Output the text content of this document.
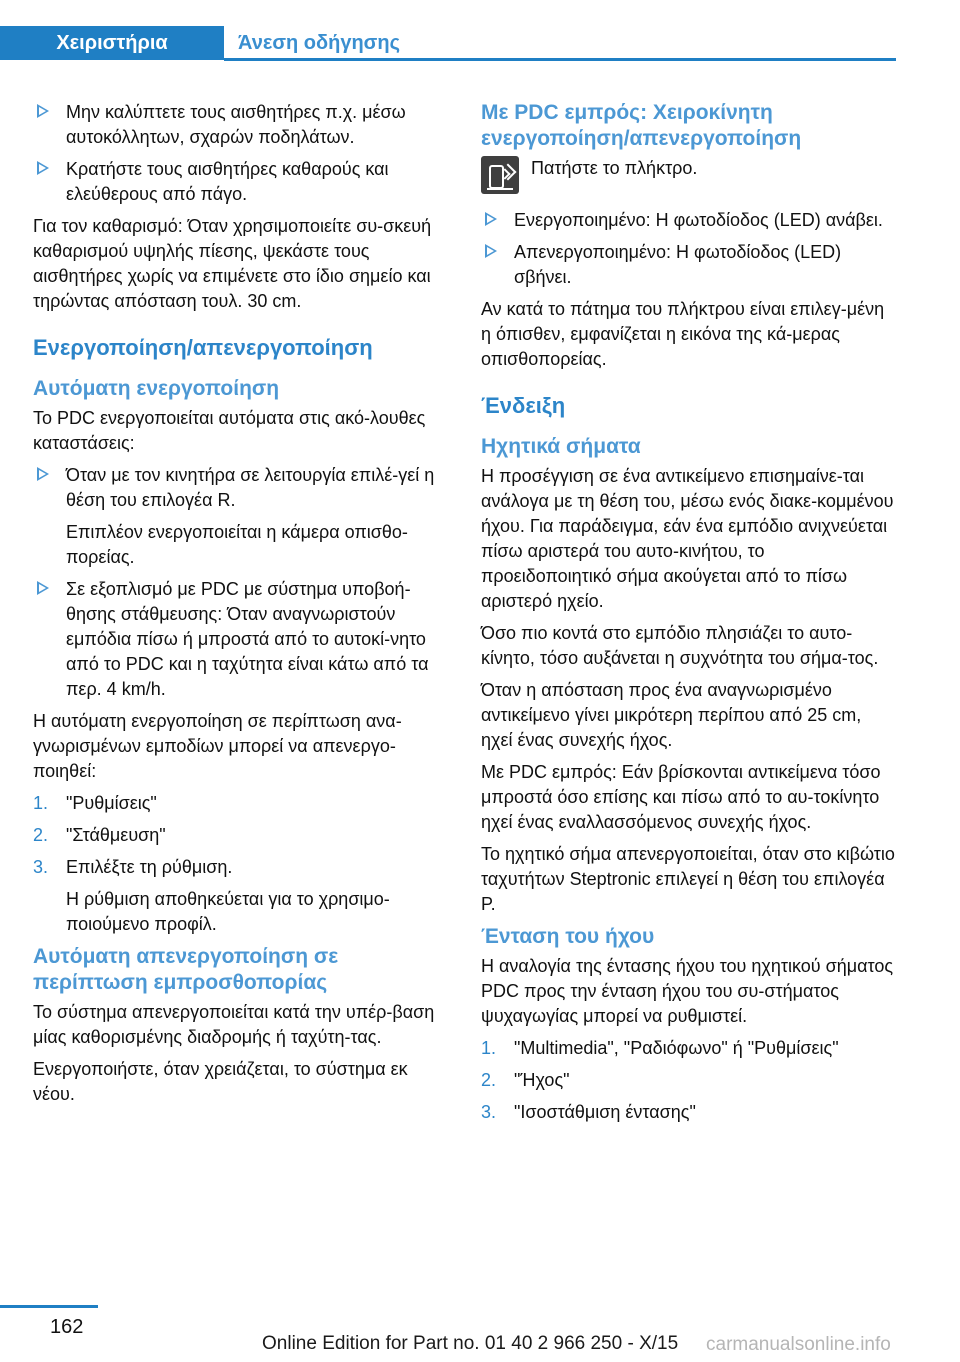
Χειριστήρια	Άνεση οδήγησης
Μην καλύπτετε τους αισθητήρες π.χ. μέσω αυτοκόλλητων, σχαρών ποδηλάτων.
Κρατήστε τους αισθητήρες καθαρούς και ελεύθερους από πάγο.

Για τον καθαρισμό: Όταν χρησιμοποιείτε συ-σκευή καθαρισμού υψηλής πίεσης, ψεκάστε τους αισθητήρες χωρίς να επιμένετε στο ίδιο σημείο και τηρώντας απόσταση τουλ. 30 cm.

Ενεργοποίηση/απενεργοποίηση
Αυτόματη ενεργοποίηση

Το PDC ενεργοποιείται αυτόματα στις ακό-λουθες καταστάσεις:

Όταν με τον κινητήρα σε λειτουργία επιλέ-γεί η θέση του επιλογέα R.

Επιπλέον ενεργοποιείται η κάμερα οπισθο-πορείας.

Σε εξοπλισμό με PDC με σύστημα υποβοή-θησης στάθμευσης: Όταν αναγνωριστούν εμπόδια πίσω ή μπροστά από το αυτοκί-νητο από το PDC και η ταχύτητα είναι κάτω από τα περ. 4 km/h.

Η αυτόματη ενεργοποίηση σε περίπτωση ανα-γνωρισμένων εμποδίων μπορεί να απενεργο-ποιηθεί:

1. "Ρυθμίσεις"
2. "Στάθμευση"
3. Επιλέξτε τη ρύθμιση.

Η ρύθμιση αποθηκεύεται για το χρησιμο-ποιούμενο προφίλ.

Αυτόματη απενεργοποίηση σε περίπτωση εμπροσθοπορίας

Το σύστημα απενεργοποιείται κατά την υπέρ-βαση μίας καθορισμένης διαδρομής ή ταχύτη-τας.

Ενεργοποιήστε, όταν χρειάζεται, το σύστημα εκ νέου.

Με PDC εμπρός: Χειροκίνητη ενεργοποίηση/απενεργοποίηση
Πατήστε το πλήκτρο.
Ενεργοποιημένο: Η φωτοδίοδος (LED) ανάβει.
Απενεργοποιημένο: Η φωτοδίοδος (LED) σβήνει.

Αν κατά το πάτημα του πλήκτρου είναι επιλεγ-μένη η όπισθεν, εμφανίζεται η εικόνα της κά-μερας οπισθοπορείας.

Ένδειξη
Ηχητικά σήματα

Η προσέγγιση σε ένα αντικείμενο επισημαίνε-ται ανάλογα με τη θέση του, μέσω ενός διακε-κομμένου ήχου. Για παράδειγμα, εάν ένα εμπόδιο ανιχνεύεται πίσω αριστερά του αυτο-κινήτου, το προειδοποιητικό σήμα ακούγεται από το πίσω αριστερό ηχείο.

Όσο πιο κοντά στο εμπόδιο πλησιάζει το αυτο-κίνητο, τόσο αυξάνεται η συχνότητα του σήμα-τος.

Όταν η απόσταση προς ένα αναγνωρισμένο αντικείμενο γίνει μικρότερη περίπου από 25 cm, ηχεί ένας συνεχής ήχος.

Με PDC εμπρός: Εάν βρίσκονται αντικείμενα τόσο μπροστά όσο επίσης και πίσω από το αυ-τοκίνητο ηχεί ένας εναλλασσόμενος συνεχής ήχος.

Το ηχητικό σήμα απενεργοποιείται, όταν στο κιβώτιο ταχυτήτων Steptronic επιλεγεί η θέση του επιλογέα P.

Ένταση του ήχου

Η αναλογία της έντασης ήχου του ηχητικού σήματος PDC προς την ένταση ήχου του συ-στήματος ψυχαγωγίας μπορεί να ρυθμιστεί.

1. "Multimedia", "Ραδιόφωνο" ή "Ρυθμίσεις"
2. "Ήχος"
3. "Ισοστάθμιση έντασης"
162
Online Edition for Part no. 01 40 2 966 250 - X/15 carmanualsonline.info
